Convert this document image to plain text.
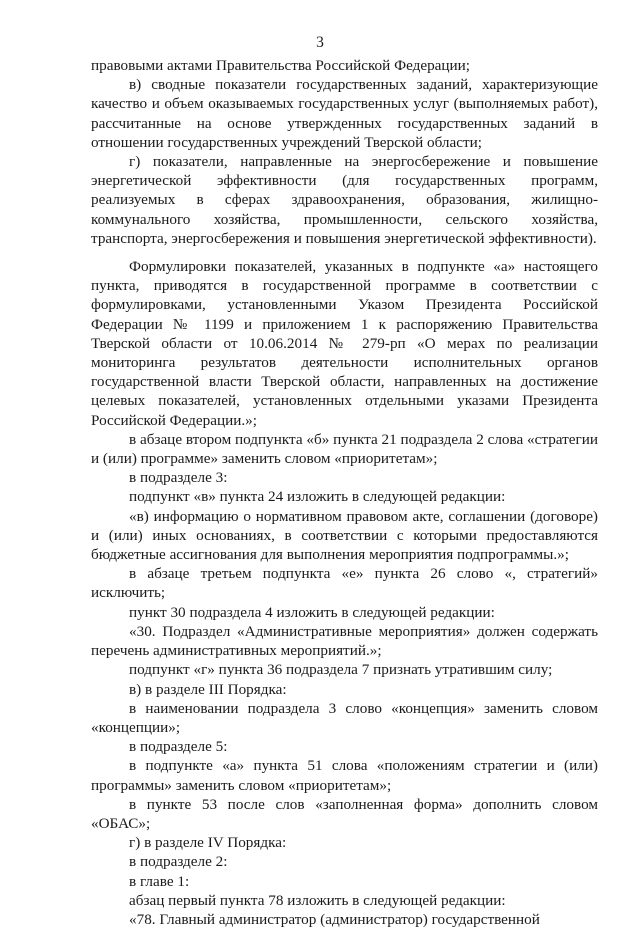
3

правовыми актами Правительства Российской Федерации;

в) сводные показатели государственных заданий, характеризующие качество и объем оказываемых государственных услуг (выполняемых работ), рассчитанные на основе утвержденных государственных заданий в отношении государственных учреждений Тверской области;

г) показатели, направленные на энергосбережение и повышение энергетической эффективности (для государственных программ, реализуемых в сферах здравоохранения, образования, жилищно-коммунального хозяйства, промышленности, сельского хозяйства, транспорта, энергосбережения и повышения энергетической эффективности).

Формулировки показателей, указанных в подпункте «а» настоящего пункта, приводятся в государственной программе в соответствии с формулировками, установленными Указом Президента Российской Федерации № 1199 и приложением 1 к распоряжению Правительства Тверской области от 10.06.2014 № 279-рп «О мерах по реализации мониторинга результатов деятельности исполнительных органов государственной власти Тверской области, направленных на достижение целевых показателей, установленных отдельными указами Президента Российской Федерации.»;

в абзаце втором подпункта «б» пункта 21 подраздела 2 слова «стратегии и (или) программе» заменить словом «приоритетам»;

в подразделе 3:

подпункт «в» пункта 24 изложить в следующей редакции:

«в) информацию о нормативном правовом акте, соглашении (договоре) и (или) иных основаниях, в соответствии с которыми предоставляются бюджетные ассигнования для выполнения мероприятия подпрограммы.»;

в абзаце третьем подпункта «е» пункта 26 слово «, стратегий» исключить;

пункт 30 подраздела 4 изложить в следующей редакции:

«30. Подраздел «Административные мероприятия» должен содержать перечень административных мероприятий.»;

подпункт «г» пункта 36 подраздела 7 признать утратившим силу;

в) в разделе III Порядка:

в наименовании подраздела 3 слово «концепция» заменить словом «концепции»;

в подразделе 5:

в подпункте «а» пункта 51 слова «положениям стратегии и (или) программы» заменить словом «приоритетам»;

в пункте 53 после слов «заполненная форма» дополнить словом «ОБАС»;

г) в разделе IV Порядка:

в подразделе 2:

в главе 1:

абзац первый пункта 78 изложить в следующей редакции:

«78. Главный администратор (администратор) государственной
